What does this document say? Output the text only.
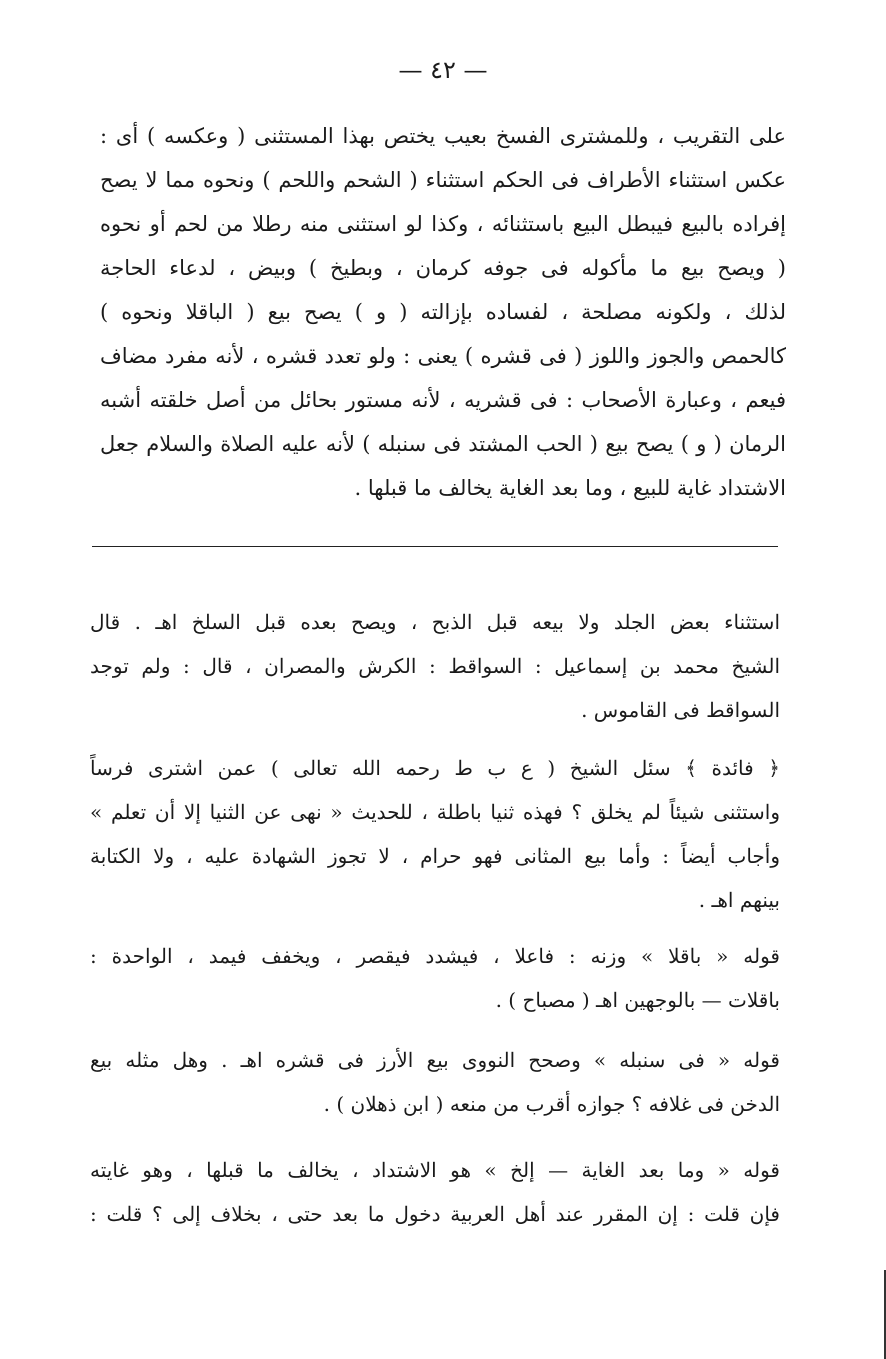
— ٤٢ —
على التقريب ، وللمشترى الفسخ بعيب يختص بهذا المستثنى ( وعكسه ) أى :
عكس استثناء الأطراف فى الحكم استثناء ( الشحم واللحم ) ونحوه مما لا يصح
إفراده بالبيع فيبطل البيع باستثنائه ، وكذا لو استثنى منه رطلا من لحم أو نحوه
( ويصح بيع ما مأكوله فى جوفه كرمان ، وبطيخ ) وبيض ، لدعاء الحاجة
لذلك ، ولكونه مصلحة ، لفساده بإزالته ( و ) يصح بيع ( الباقلا ونحوه )
كالحمص والجوز واللوز ( فى قشره ) يعنى : ولو تعدد قشره ، لأنه مفرد مضاف
فيعم ، وعبارة الأصحاب : فى قشريه ، لأنه مستور بحائل من أصل خلقته أشبه
الرمان ( و ) يصح بيع ( الحب المشتد فى سنبله ) لأنه عليه الصلاة والسلام جعل
الاشتداد غاية للبيع ، وما بعد الغاية يخالف ما قبلها .
استثناء بعض الجلد ولا بيعه قبل الذبح ، ويصح بعده قبل السلخ اهـ . قال
الشيخ محمد بن إسماعيل : السواقط : الكرش والمصران ، قال : ولم توجد
السواقط فى القاموس .
﴿ فائدة ﴾ سئل الشيخ ( ع ب ط رحمه الله تعالى ) عمن اشترى فرساً
واستثنى شيئاً لم يخلق ؟ فهذه ثنيا باطلة ، للحديث « نهى عن الثنيا إلا أن تعلم »
وأجاب أيضاً : وأما بيع المثانى فهو حرام ، لا تجوز الشهادة عليه ، ولا الكتابة
بينهم اهـ .
قوله « باقلا » وزنه : فاعلا ، فيشدد فيقصر ، ويخفف فيمد ، الواحدة :
باقلات — بالوجهين اهـ ( مصباح ) .
قوله « فى سنبله » وصحح النووى بيع الأرز فى قشره اهـ . وهل مثله بيع
الدخن فى غلافه ؟ جوازه أقرب من منعه ( ابن ذهلان ) .
قوله « وما بعد الغاية — إلخ » هو الاشتداد ، يخالف ما قبلها ، وهو غايته
فإن قلت : إن المقرر عند أهل العربية دخول ما بعد حتى ، بخلاف إلى ؟ قلت :
